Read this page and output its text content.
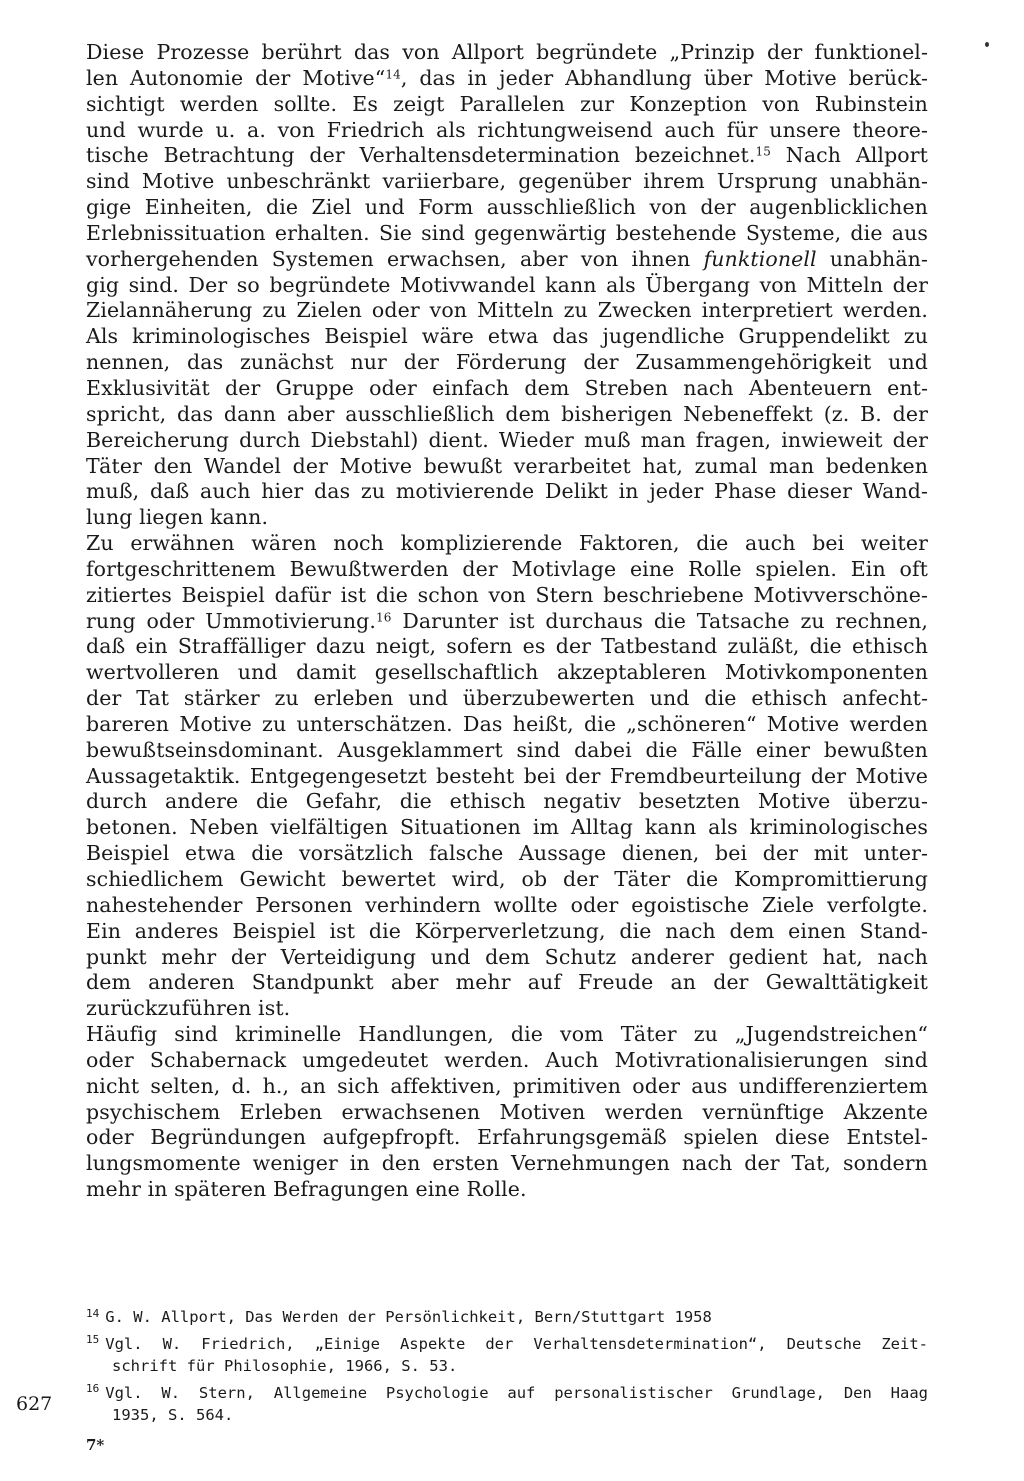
Diese Prozesse berührt das von Allport begründete „Prinzip der funktionel-
len Autonomie der Motive“$^{14}$, das in jeder Abhandlung über Motive berück-
sichtigt werden sollte. Es zeigt Parallelen zur Konzeption von Rubinstein
und wurde u. a. von Friedrich als richtungweisend auch für unsere theore-
tische Betrachtung der Verhaltensdetermination bezeichnet.$^{15}$ Nach Allport
sind Motive unbeschränkt variierbare, gegenüber ihrem Ursprung unabhän-
gige Einheiten, die Ziel und Form ausschließlich von der augenblicklichen
Erlebnissituation erhalten. Sie sind gegenwärtig bestehende Systeme, die aus
vorhergehenden Systemen erwachsen, aber von ihnen funktionell unabhän-
gig sind. Der so begründete Motivwandel kann als Übergang von Mitteln der
Zielannäherung zu Zielen oder von Mitteln zu Zwecken interpretiert werden.
Als kriminologisches Beispiel wäre etwa das jugendliche Gruppendelikt zu
nennen, das zunächst nur der Förderung der Zusammengehörigkeit und
Exklusivität der Gruppe oder einfach dem Streben nach Abenteuern ent-
spricht, das dann aber ausschließlich dem bisherigen Nebeneffekt (z. B. der
Bereicherung durch Diebstahl) dient. Wieder muß man fragen, inwieweit der
Täter den Wandel der Motive bewußt verarbeitet hat, zumal man bedenken
muß, daß auch hier das zu motivierende Delikt in jeder Phase dieser Wand-
lung liegen kann.
Zu erwähnen wären noch komplizierende Faktoren, die auch bei weiter
fortgeschrittenem Bewußtwerden der Motivlage eine Rolle spielen. Ein oft
zitiertes Beispiel dafür ist die schon von Stern beschriebene Motivverschöne-
rung oder Ummotivierung.$^{16}$ Darunter ist durchaus die Tatsache zu rechnen,
daß ein Straffälliger dazu neigt, sofern es der Tatbestand zuläßt, die ethisch
wertvolleren und damit gesellschaftlich akzeptableren Motivkomponenten
der Tat stärker zu erleben und überzubewerten und die ethisch anfecht-
bareren Motive zu unterschätzen. Das heißt, die „schöneren“ Motive werden
bewußtseinsdominant. Ausgeklammert sind dabei die Fälle einer bewußten
Aussagetaktik. Entgegengesetzt besteht bei der Fremdbeurteilung der Motive
durch andere die Gefahr, die ethisch negativ besetzten Motive überzu-
betonen. Neben vielfältigen Situationen im Alltag kann als kriminologisches
Beispiel etwa die vorsätzlich falsche Aussage dienen, bei der mit unter-
schiedlichem Gewicht bewertet wird, ob der Täter die Kompromittierung
nahestehender Personen verhindern wollte oder egoistische Ziele verfolgte.
Ein anderes Beispiel ist die Körperverletzung, die nach dem einen Stand-
punkt mehr der Verteidigung und dem Schutz anderer gedient hat, nach
dem anderen Standpunkt aber mehr auf Freude an der Gewalttätigkeit
zurückzuführen ist.
Häufig sind kriminelle Handlungen, die vom Täter zu „Jugendstreichen“
oder Schabernack umgedeutet werden. Auch Motivrationalisierungen sind
nicht selten, d. h., an sich affektiven, primitiven oder aus undifferenziertem
psychischem Erleben erwachsenen Motiven werden vernünftige Akzente
oder Begründungen aufgepfropft. Erfahrungsgemäß spielen diese Entstel-
lungsmomente weniger in den ersten Vernehmungen nach der Tat, sondern
mehr in späteren Befragungen eine Rolle.
$^{14}$ G. W. Allport, Das Werden der Persönlichkeit, Bern/Stuttgart 1958
$^{15}$ Vgl. W. Friedrich, „Einige Aspekte der Verhaltensdetermination“, Deutsche Zeit-
schrift für Philosophie, 1966, S. 53.
$^{16}$ Vgl. W. Stern, Allgemeine Psychologie auf personalistischer Grundlage, Den Haag
1935, S. 564.
627
7*
